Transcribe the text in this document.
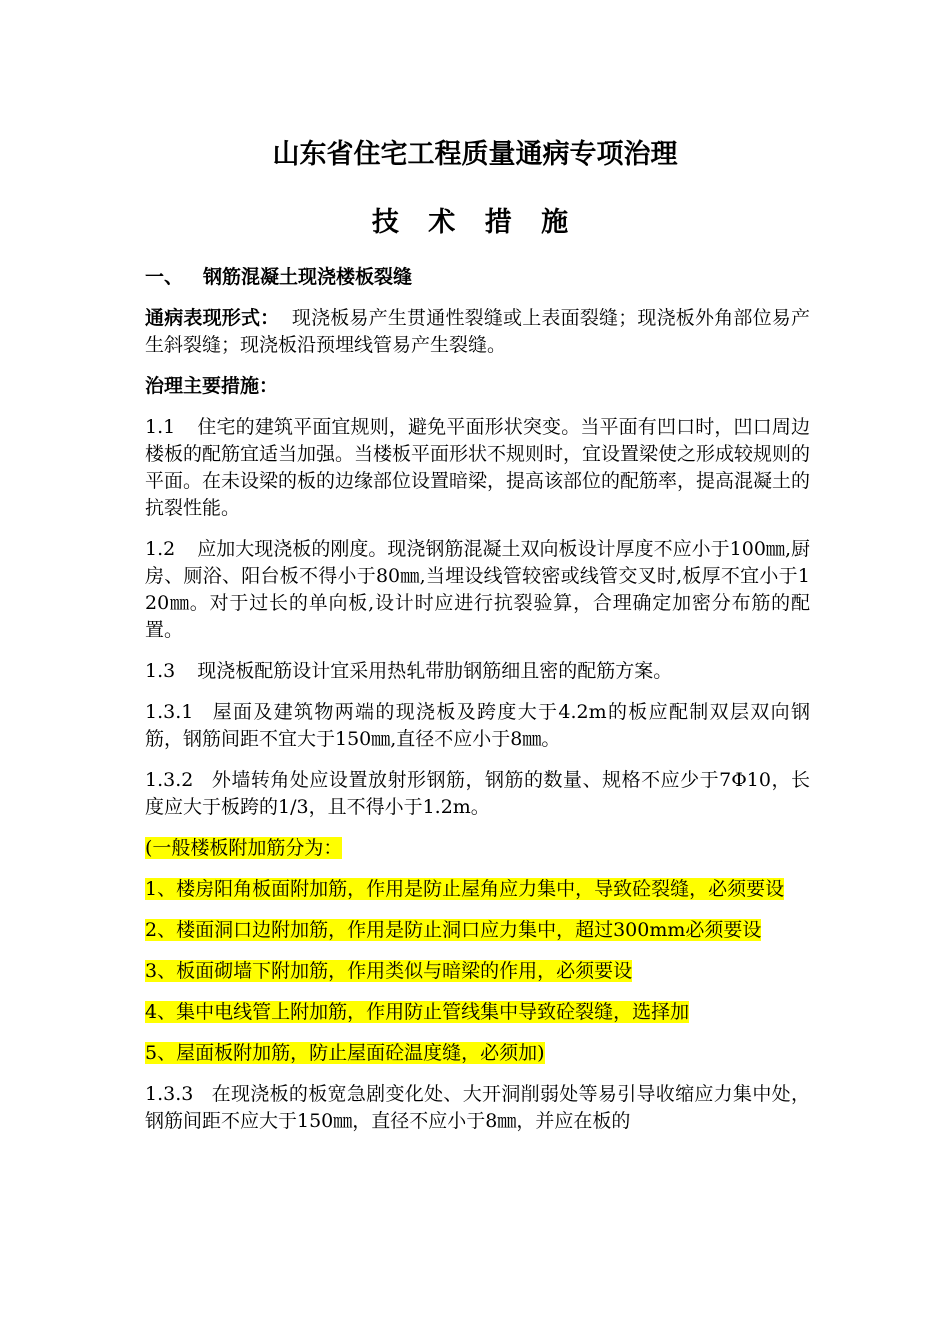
山东省住宅工程质量通病专项治理
技 术 措 施
一、 钢筋混凝土现浇楼板裂缝

通病表现形式： 现浇板易产生贯通性裂缝或上表面裂缝；现浇板外角部位易产生斜裂缝；现浇板沿预埋线管易产生裂缝。

治理主要措施：

1.1 住宅的建筑平面宜规则，避免平面形状突变。当平面有凹口时，凹口周边楼板的配筋宜适当加强。当楼板平面形状不规则时，宜设置梁使之形成较规则的平面。在未设梁的板的边缘部位设置暗梁，提高该部位的配筋率，提高混凝土的抗裂性能。

1.2 应加大现浇板的刚度。现浇钢筋混凝土双向板设计厚度不应小于100㎜,厨房、厕浴、阳台板不得小于80㎜,当埋设线管较密或线管交叉时,板厚不宜小于120㎜。对于过长的单向板,设计时应进行抗裂验算，合理确定加密分布筋的配置。

1.3 现浇板配筋设计宜采用热轧带肋钢筋细且密的配筋方案。

1.3.1 屋面及建筑物两端的现浇板及跨度大于4.2m的板应配制双层双向钢筋，钢筋间距不宜大于150㎜,直径不应小于8㎜。

1.3.2 外墙转角处应设置放射形钢筋，钢筋的数量、规格不应少于7Φ10，长度应大于板跨的1/3，且不得小于1.2m。

(一般楼板附加筋分为：

1、楼房阳角板面附加筋，作用是防止屋角应力集中，导致砼裂缝，必须要设

2、楼面洞口边附加筋，作用是防止洞口应力集中，超过300mm必须要设

3、板面砌墙下附加筋，作用类似与暗梁的作用，必须要设

4、集中电线管上附加筋，作用防止管线集中导致砼裂缝，选择加

5、屋面板附加筋，防止屋面砼温度缝，必须加)

1.3.3 在现浇板的板宽急剧变化处、大开洞削弱处等易引导收缩应力集中处，钢筋间距不应大于150㎜，直径不应小于8㎜，并应在板的
